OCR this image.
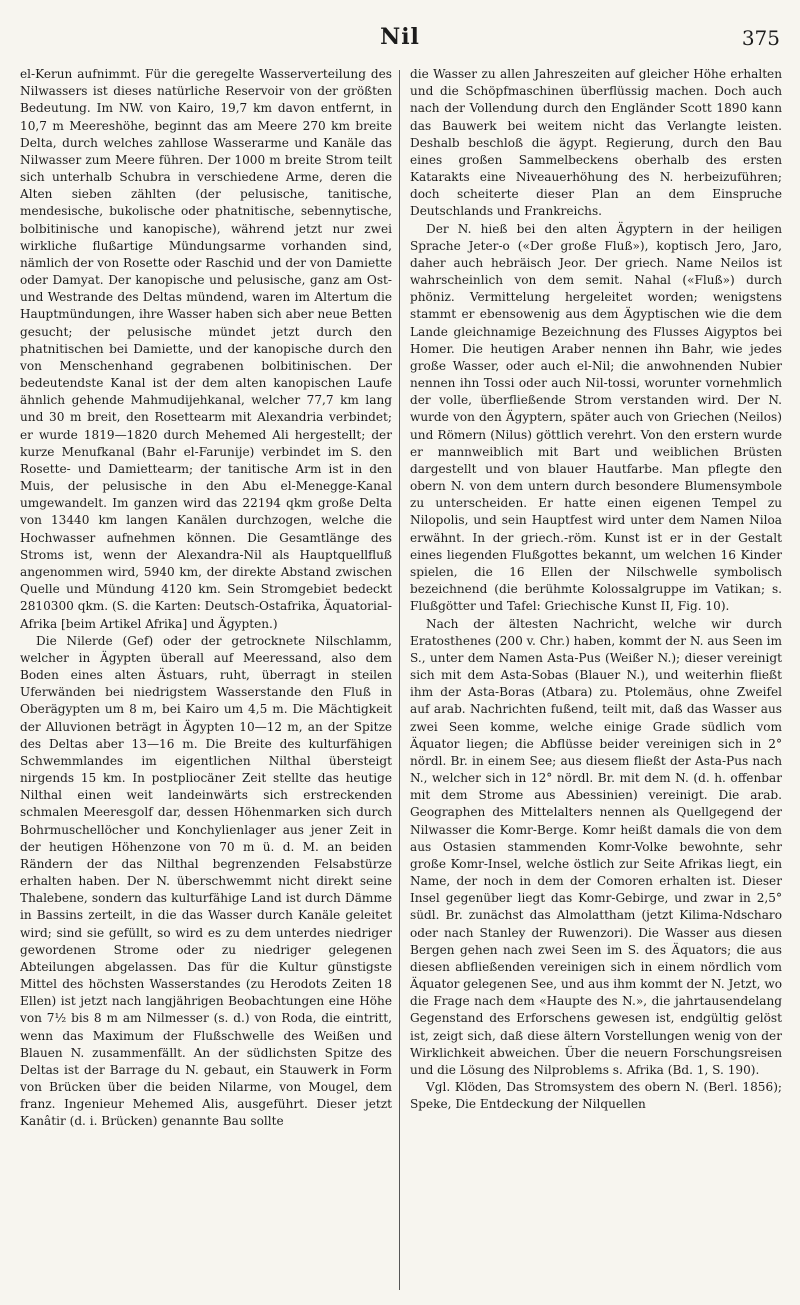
Nil	375

el-Kerun aufnimmt. Für die geregelte Wasserverteilung des Nilwassers ist dieses natürliche Reservoir von der größten Bedeutung. Im NW. von Kairo, 19,7 km davon entfernt, in 10,7 m Meereshöhe, beginnt das am Meere 270 km breite Delta, durch welches zahllose Wasserarme und Kanäle das Nilwasser zum Meere führen. Der 1000 m breite Strom teilt sich unterhalb Schubra in verschiedene Arme, deren die Alten sieben zählten (der pelusische, tanitische, mendesische, bukolische oder phatnitische, sebennytische, bolbitinische und kanopische), während jetzt nur zwei wirkliche flußartige Mündungsarme vorhanden sind, nämlich der von Rosette oder Raschid und der von Damiette oder Damyat. Der kanopische und pelusische, ganz am Ost- und Westrande des Deltas mündend, waren im Altertum die Hauptmündungen, ihre Wasser haben sich aber neue Betten gesucht; der pelusische mündet jetzt durch den phatnitischen bei Damiette, und der kanopische durch den von Menschenhand gegrabenen bolbitinischen. Der bedeutendste Kanal ist der dem alten kanopischen Laufe ähnlich gehende Mahmudijehkanal, welcher 77,7 km lang und 30 m breit, den Rosettearm mit Alexandria verbindet; er wurde 1819—1820 durch Mehemed Ali hergestellt; der kurze Menufkanal (Bahr el-Farunije) verbindet im S. den Rosette- und Damiettearm; der tanitische Arm ist in den Muis, der pelusische in den Abu el-Menegge-Kanal umgewandelt. Im ganzen wird das 22194 qkm große Delta von 13440 km langen Kanälen durchzogen, welche die Hochwasser aufnehmen können. Die Gesamtlänge des Stroms ist, wenn der Alexandra-Nil als Hauptquellfluß angenommen wird, 5940 km, der direkte Abstand zwischen Quelle und Mündung 4120 km. Sein Stromgebiet bedeckt 2810300 qkm. (S. die Karten: Deutsch-Ostafrika, Äquatorial-Afrika [beim Artikel Afrika] und Ägypten.)

Die Nilerde (Gef) oder der getrocknete Nilschlamm, welcher in Ägypten überall auf Meeressand, also dem Boden eines alten Ästuars, ruht, überragt in steilen Uferwänden bei niedrigstem Wasserstande den Fluß in Oberägypten um 8 m, bei Kairo um 4,5 m. Die Mächtigkeit der Alluvionen beträgt in Ägypten 10—12 m, an der Spitze des Deltas aber 13—16 m. Die Breite des kulturfähigen Schwemmlandes im eigentlichen Nilthal übersteigt nirgends 15 km. In postpliocäner Zeit stellte das heutige Nilthal einen weit landeinwärts sich erstreckenden schmalen Meeresgolf dar, dessen Höhenmarken sich durch Bohrmuschellöcher und Konchylienlager aus jener Zeit in der heutigen Höhenzone von 70 m ü. d. M. an beiden Rändern der das Nilthal begrenzenden Felsabstürze erhalten haben. Der N. überschwemmt nicht direkt seine Thalebene, sondern das kulturfähige Land ist durch Dämme in Bassins zerteilt, in die das Wasser durch Kanäle geleitet wird; sind sie gefüllt, so wird es zu dem unterdes niedriger gewordenen Strome oder zu niedriger gelegenen Abteilungen abgelassen. Das für die Kultur günstigste Mittel des höchsten Wasserstandes (zu Herodots Zeiten 18 Ellen) ist jetzt nach langjährigen Beobachtungen eine Höhe von 7½ bis 8 m am Nilmesser (s. d.) von Roda, die eintritt, wenn das Maximum der Flußschwelle des Weißen und Blauen N. zusammenfällt. An der südlichsten Spitze des Deltas ist der Barrage du N. gebaut, ein Stauwerk in Form von Brücken über die beiden Nilarme, von Mougel, dem franz. Ingenieur Mehemed Alis, ausgeführt. Dieser jetzt Kanâtir (d. i. Brücken) genannte Bau sollte

die Wasser zu allen Jahreszeiten auf gleicher Höhe erhalten und die Schöpfmaschinen überflüssig machen. Doch auch nach der Vollendung durch den Engländer Scott 1890 kann das Bauwerk bei weitem nicht das Verlangte leisten. Deshalb beschloß die ägypt. Regierung, durch den Bau eines großen Sammelbeckens oberhalb des ersten Katarakts eine Niveauerhöhung des N. herbeizuführen; doch scheiterte dieser Plan an dem Einspruche Deutschlands und Frankreichs.

Der N. hieß bei den alten Ägyptern in der heiligen Sprache Jeter-o («Der große Fluß»), koptisch Jero, Jaro, daher auch hebräisch Jeor. Der griech. Name Neilos ist wahrscheinlich von dem semit. Nahal («Fluß») durch phöniz. Vermittelung hergeleitet worden; wenigstens stammt er ebensowenig aus dem Ägyptischen wie die dem Lande gleichnamige Bezeichnung des Flusses Aigyptos bei Homer. Die heutigen Araber nennen ihn Bahr, wie jedes große Wasser, oder auch el-Nil; die anwohnenden Nubier nennen ihn Tossi oder auch Nil-tossi, worunter vornehmlich der volle, überfließende Strom verstanden wird. Der N. wurde von den Ägyptern, später auch von Griechen (Neilos) und Römern (Nilus) göttlich verehrt. Von den erstern wurde er mannweiblich mit Bart und weiblichen Brüsten dargestellt und von blauer Hautfarbe. Man pflegte den obern N. von dem untern durch besondere Blumensymbole zu unterscheiden. Er hatte einen eigenen Tempel zu Nilopolis, und sein Hauptfest wird unter dem Namen Niloa erwähnt. In der griech.-röm. Kunst ist er in der Gestalt eines liegenden Flußgottes bekannt, um welchen 16 Kinder spielen, die 16 Ellen der Nilschwelle symbolisch bezeichnend (die berühmte Kolossalgruppe im Vatikan; s. Flußgötter und Tafel: Griechische Kunst II, Fig. 10).

Nach der ältesten Nachricht, welche wir durch Eratosthenes (200 v. Chr.) haben, kommt der N. aus Seen im S., unter dem Namen Asta-Pus (Weißer N.); dieser vereinigt sich mit dem Asta-Sobas (Blauer N.), und weiterhin fließt ihm der Asta-Boras (Atbara) zu. Ptolemäus, ohne Zweifel auf arab. Nachrichten fußend, teilt mit, daß das Wasser aus zwei Seen komme, welche einige Grade südlich vom Äquator liegen; die Abflüsse beider vereinigen sich in 2° nördl. Br. in einem See; aus diesem fließt der Asta-Pus nach N., welcher sich in 12° nördl. Br. mit dem N. (d. h. offenbar mit dem Strome aus Abessinien) vereinigt. Die arab. Geographen des Mittelalters nennen als Quellgegend der Nilwasser die Komr-Berge. Komr heißt damals die von dem aus Ostasien stammenden Komr-Volke bewohnte, sehr große Komr-Insel, welche östlich zur Seite Afrikas liegt, ein Name, der noch in dem der Comoren erhalten ist. Dieser Insel gegenüber liegt das Komr-Gebirge, und zwar in 2,5° südl. Br. zunächst das Almolattham (jetzt Kilima-Ndscharo oder nach Stanley der Ruwenzori). Die Wasser aus diesen Bergen gehen nach zwei Seen im S. des Äquators; die aus diesen abfließenden vereinigen sich in einem nördlich vom Äquator gelegenen See, und aus ihm kommt der N. Jetzt, wo die Frage nach dem «Haupte des N.», die jahrtausendelang Gegenstand des Erforschens gewesen ist, endgültig gelöst ist, zeigt sich, daß diese ältern Vorstellungen wenig von der Wirklichkeit abweichen. Über die neuern Forschungsreisen und die Lösung des Nilproblems s. Afrika (Bd. 1, S. 190).

Vgl. Klöden, Das Stromsystem des obern N. (Berl. 1856); Speke, Die Entdeckung der Nilquellen
